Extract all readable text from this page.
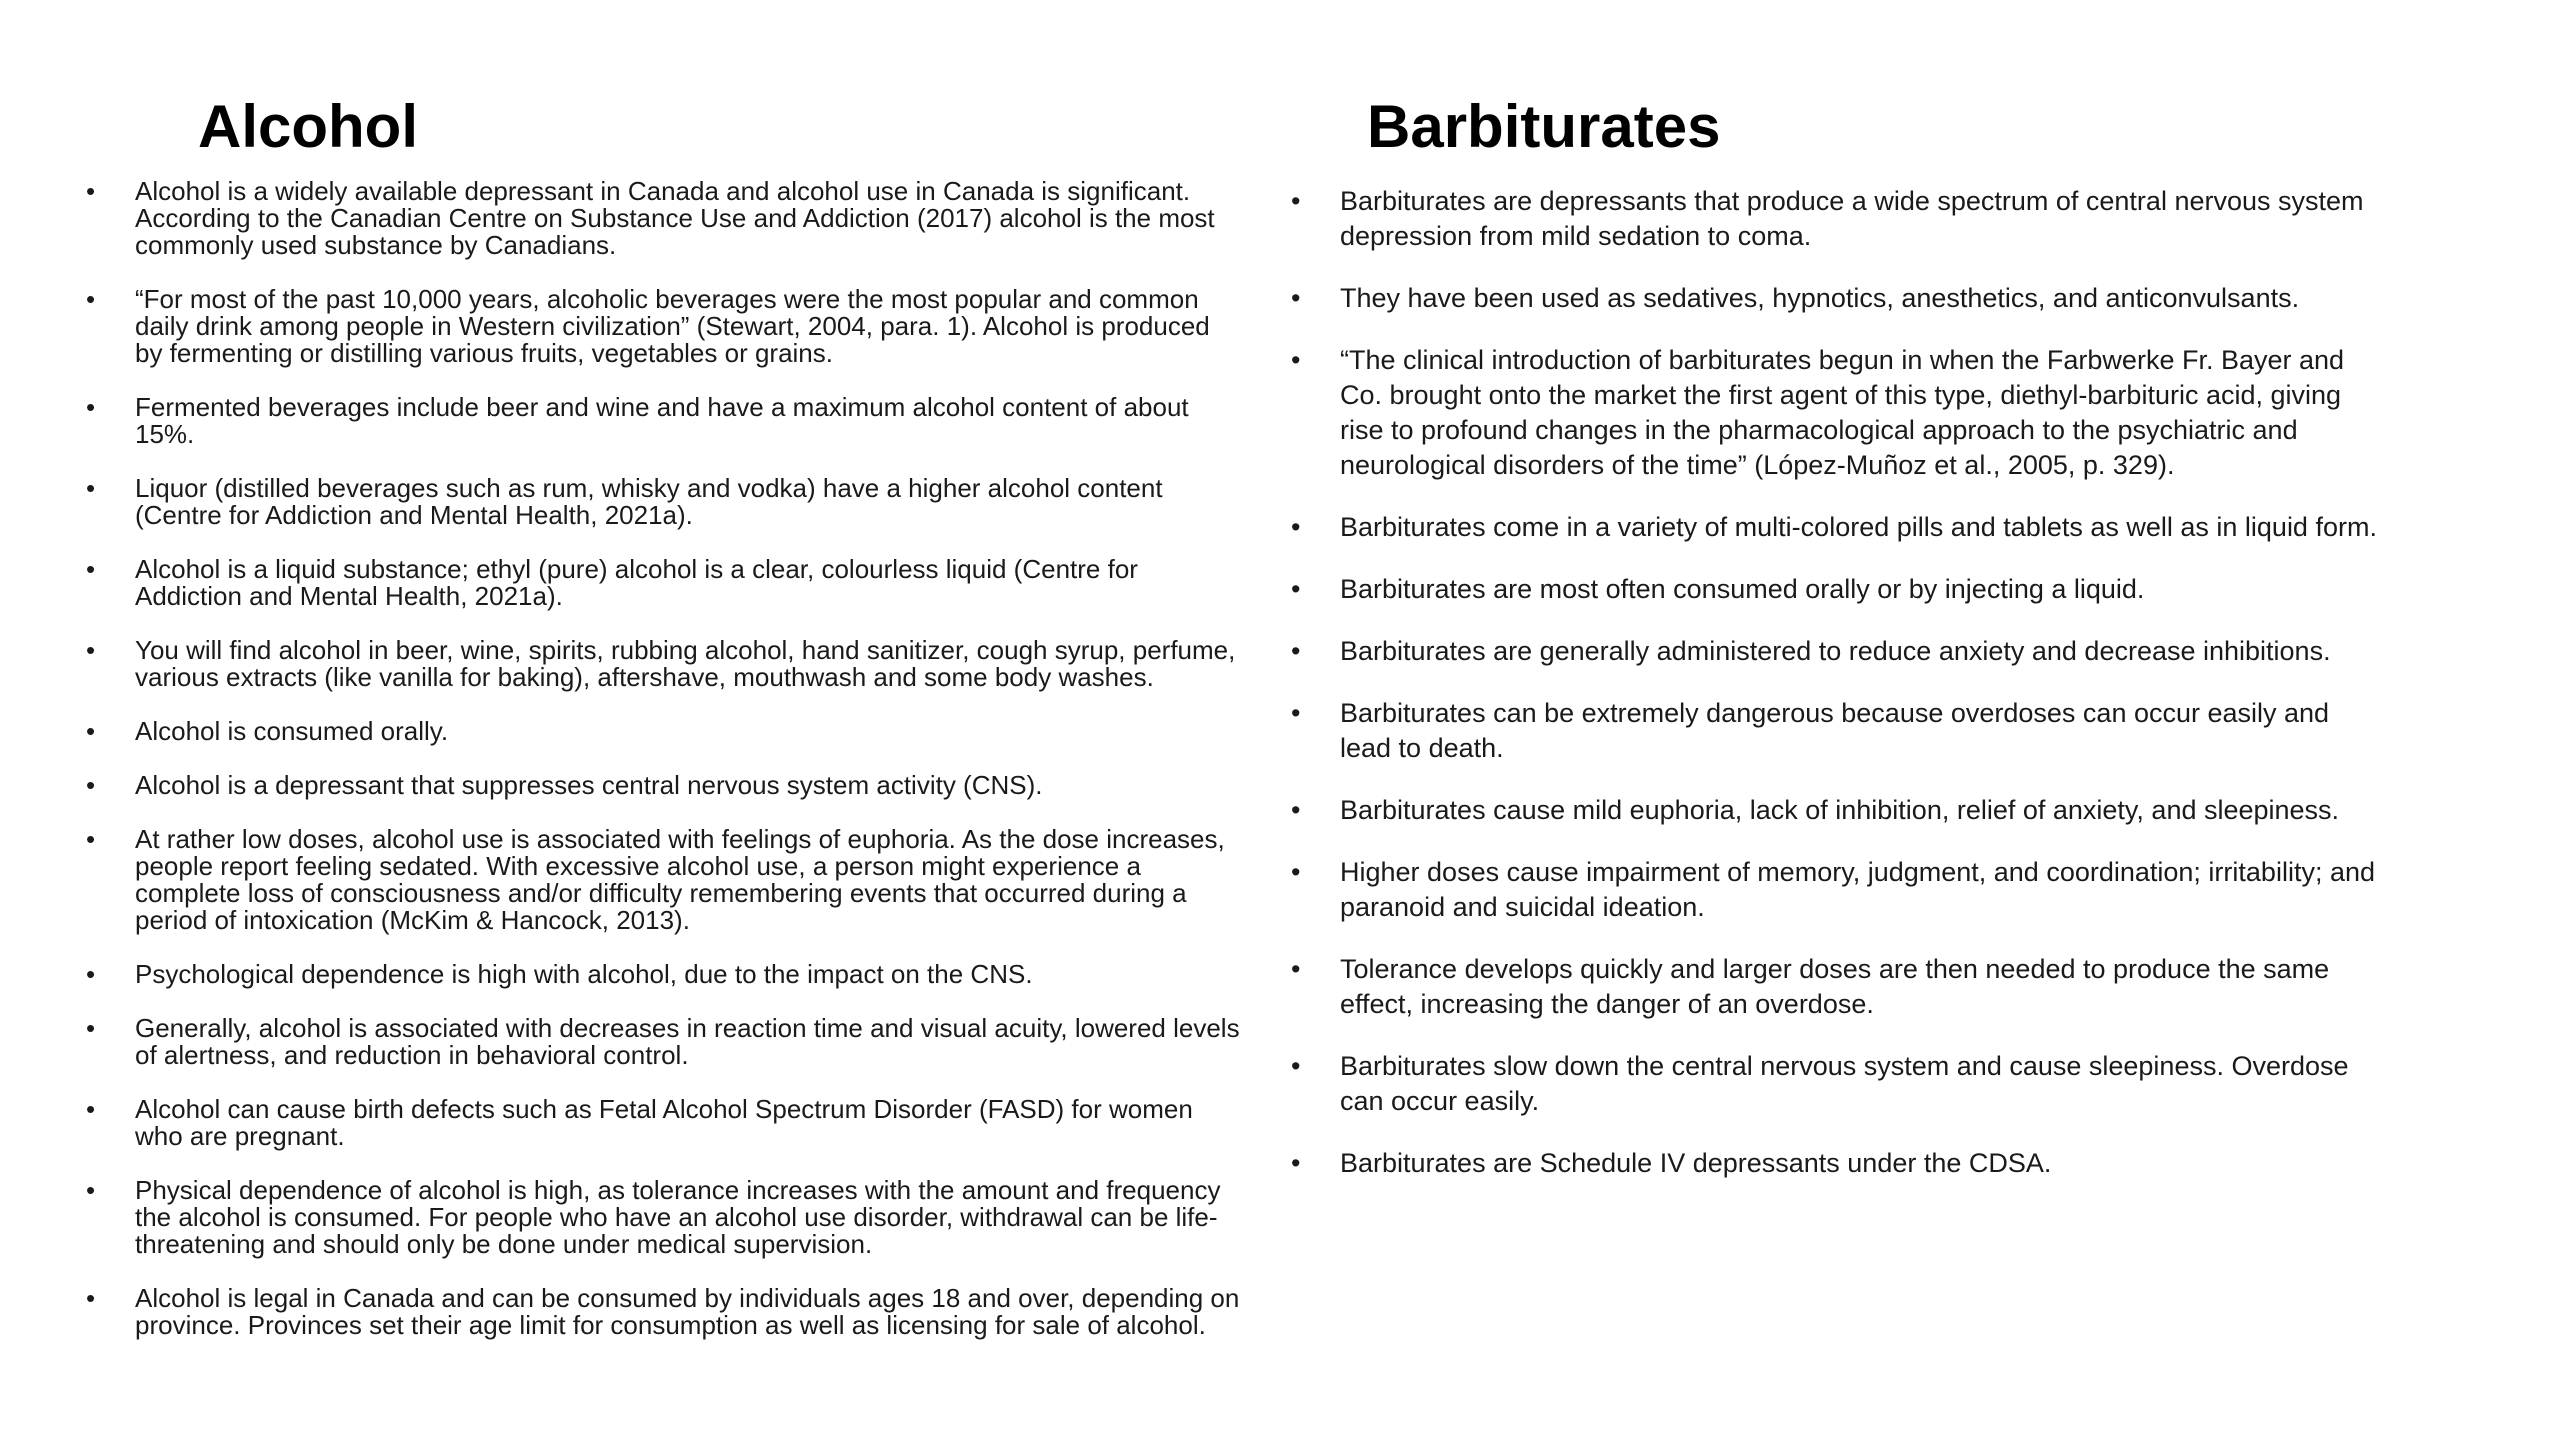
Alcohol
• Alcohol is a widely available depressant in Canada and alcohol use in Canada is significant. According to the Canadian Centre on Substance Use and Addiction (2017) alcohol is the most commonly used substance by Canadians.
• “For most of the past 10,000 years, alcoholic beverages were the most popular and common daily drink among people in Western civilization” (Stewart, 2004, para. 1). Alcohol is produced by fermenting or distilling various fruits, vegetables or grains.
• Fermented beverages include beer and wine and have a maximum alcohol content of about 15%.
• Liquor (distilled beverages such as rum, whisky and vodka) have a higher alcohol content (Centre for Addiction and Mental Health, 2021a).
• Alcohol is a liquid substance; ethyl (pure) alcohol is a clear, colourless liquid (Centre for Addiction and Mental Health, 2021a).
• You will find alcohol in beer, wine, spirits, rubbing alcohol, hand sanitizer, cough syrup, perfume, various extracts (like vanilla for baking), aftershave, mouthwash and some body washes.
• Alcohol is consumed orally.
• Alcohol is a depressant that suppresses central nervous system activity (CNS).
• At rather low doses, alcohol use is associated with feelings of euphoria. As the dose increases, people report feeling sedated. With excessive alcohol use, a person might experience a complete loss of consciousness and/or difficulty remembering events that occurred during a period of intoxication (McKim & Hancock, 2013).
• Psychological dependence is high with alcohol, due to the impact on the CNS.
• Generally, alcohol is associated with decreases in reaction time and visual acuity, lowered levels of alertness, and reduction in behavioral control.
• Alcohol can cause birth defects such as Fetal Alcohol Spectrum Disorder (FASD) for women who are pregnant.
• Physical dependence of alcohol is high, as tolerance increases with the amount and frequency the alcohol is consumed. For people who have an alcohol use disorder, withdrawal can be life-threatening and should only be done under medical supervision.
• Alcohol is legal in Canada and can be consumed by individuals ages 18 and over, depending on province. Provinces set their age limit for consumption as well as licensing for sale of alcohol.
Barbiturates
• Barbiturates are depressants that produce a wide spectrum of central nervous system depression from mild sedation to coma.
• They have been used as sedatives, hypnotics, anesthetics, and anticonvulsants.
• “The clinical introduction of barbiturates begun in when the Farbwerke Fr. Bayer and Co. brought onto the market the first agent of this type, diethyl-barbituric acid, giving rise to profound changes in the pharmacological approach to the psychiatric and neurological disorders of the time” (López-Muñoz et al., 2005, p. 329).
• Barbiturates come in a variety of multi-colored pills and tablets as well as in liquid form.
• Barbiturates are most often consumed orally or by injecting a liquid.
• Barbiturates are generally administered to reduce anxiety and decrease inhibitions.
• Barbiturates can be extremely dangerous because overdoses can occur easily and lead to death.
• Barbiturates cause mild euphoria, lack of inhibition, relief of anxiety, and sleepiness.
• Higher doses cause impairment of memory, judgment, and coordination; irritability; and paranoid and suicidal ideation.
• Tolerance develops quickly and larger doses are then needed to produce the same effect, increasing the danger of an overdose.
• Barbiturates slow down the central nervous system and cause sleepiness. Overdose can occur easily.
• Barbiturates are Schedule IV depressants under the CDSA.
